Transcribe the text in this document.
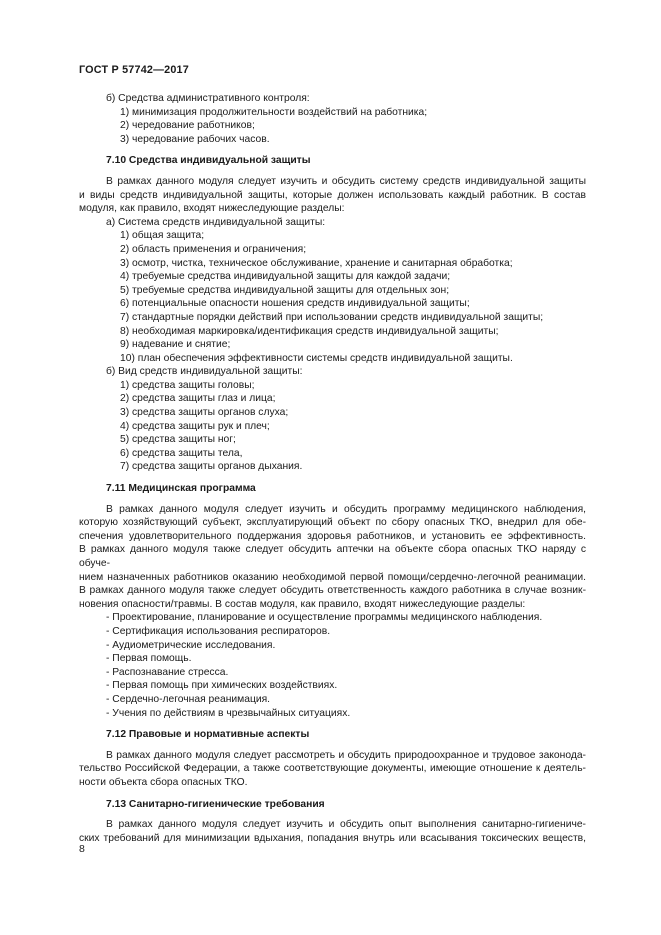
ГОСТ Р 57742—2017
б) Средства административного контроля:
1) минимизация продолжительности воздействий на работника;
2) чередование работников;
3) чередование рабочих часов.
7.10 Средства индивидуальной защиты
В рамках данного модуля следует изучить и обсудить систему средств индивидуальной защиты
и виды средств индивидуальной защиты, которые должен использовать каждый работник. В состав
модуля, как правило, входят нижеследующие разделы:
а) Система средств индивидуальной защиты:
1) общая защита;
2) область применения и ограничения;
3) осмотр, чистка, техническое обслуживание, хранение и санитарная обработка;
4) требуемые средства индивидуальной защиты для каждой задачи;
5) требуемые средства индивидуальной защиты для отдельных зон;
6) потенциальные опасности ношения средств индивидуальной защиты;
7) стандартные порядки действий при использовании средств индивидуальной защиты;
8) необходимая маркировка/идентификация средств индивидуальной защиты;
9) надевание и снятие;
10) план обеспечения эффективности системы средств индивидуальной защиты.
б) Вид средств индивидуальной защиты:
1) средства защиты головы;
2) средства защиты глаз и лица;
3) средства защиты органов слуха;
4) средства защиты рук и плеч;
5) средства защиты ног;
6) средства защиты тела,
7) средства защиты органов дыхания.
7.11 Медицинская программа
В рамках данного модуля следует изучить и обсудить программу медицинского наблюдения,
которую хозяйствующий субъект, эксплуатирующий объект по сбору опасных ТКО, внедрил для обе-
спечения удовлетворительного поддержания здоровья работников, и установить ее эффективность.
В рамках данного модуля также следует обсудить аптечки на объекте сбора опасных ТКО наряду с обуче-
нием назначенных работников оказанию необходимой первой помощи/сердечно-легочной реанимации.
В рамках данного модуля также следует обсудить ответственность каждого работника в случае возник-
новения опасности/травмы. В состав модуля, как правило, входят нижеследующие разделы:
- Проектирование, планирование и осуществление программы медицинского наблюдения.
- Сертификация использования респираторов.
- Аудиометрические исследования.
- Первая помощь.
- Распознавание стресса.
- Первая помощь при химических воздействиях.
- Сердечно-легочная реанимация.
- Учения по действиям в чрезвычайных ситуациях.
7.12 Правовые и нормативные аспекты
В рамках данного модуля следует рассмотреть и обсудить природоохранное и трудовое законода-
тельство Российской Федерации, а также соответствующие документы, имеющие отношение к деятель-
ности объекта сбора опасных ТКО.
7.13 Санитарно-гигиенические требования
В рамках данного модуля следует изучить и обсудить опыт выполнения санитарно-гигиениче-
ских требований для минимизации вдыхания, попадания внутрь или всасывания токсических веществ,
8
